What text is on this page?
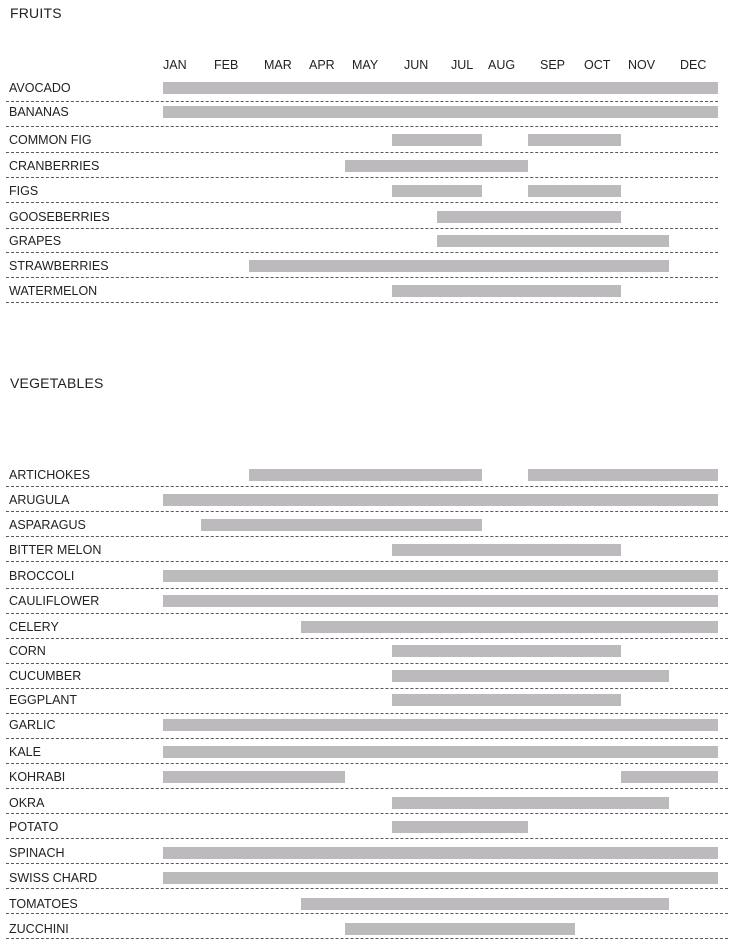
FRUITS
VEGETABLES
JAN FEB MAR APR MAY JUN JUL AUG SEP OCT NOV DEC
AVOCADO
BANANAS
COMMON FIG
CRANBERRIES
FIGS
GOOSEBERRIES
GRAPES
STRAWBERRIES
WATERMELON
ARTICHOKES
ARUGULA
ASPARAGUS
BITTER MELON
BROCCOLI
CAULIFLOWER
CELERY
CORN
CUCUMBER
EGGPLANT
GARLIC
KALE
KOHRABI
OKRA
POTATO
SPINACH
SWISS CHARD
TOMATOES
ZUCCHINI
